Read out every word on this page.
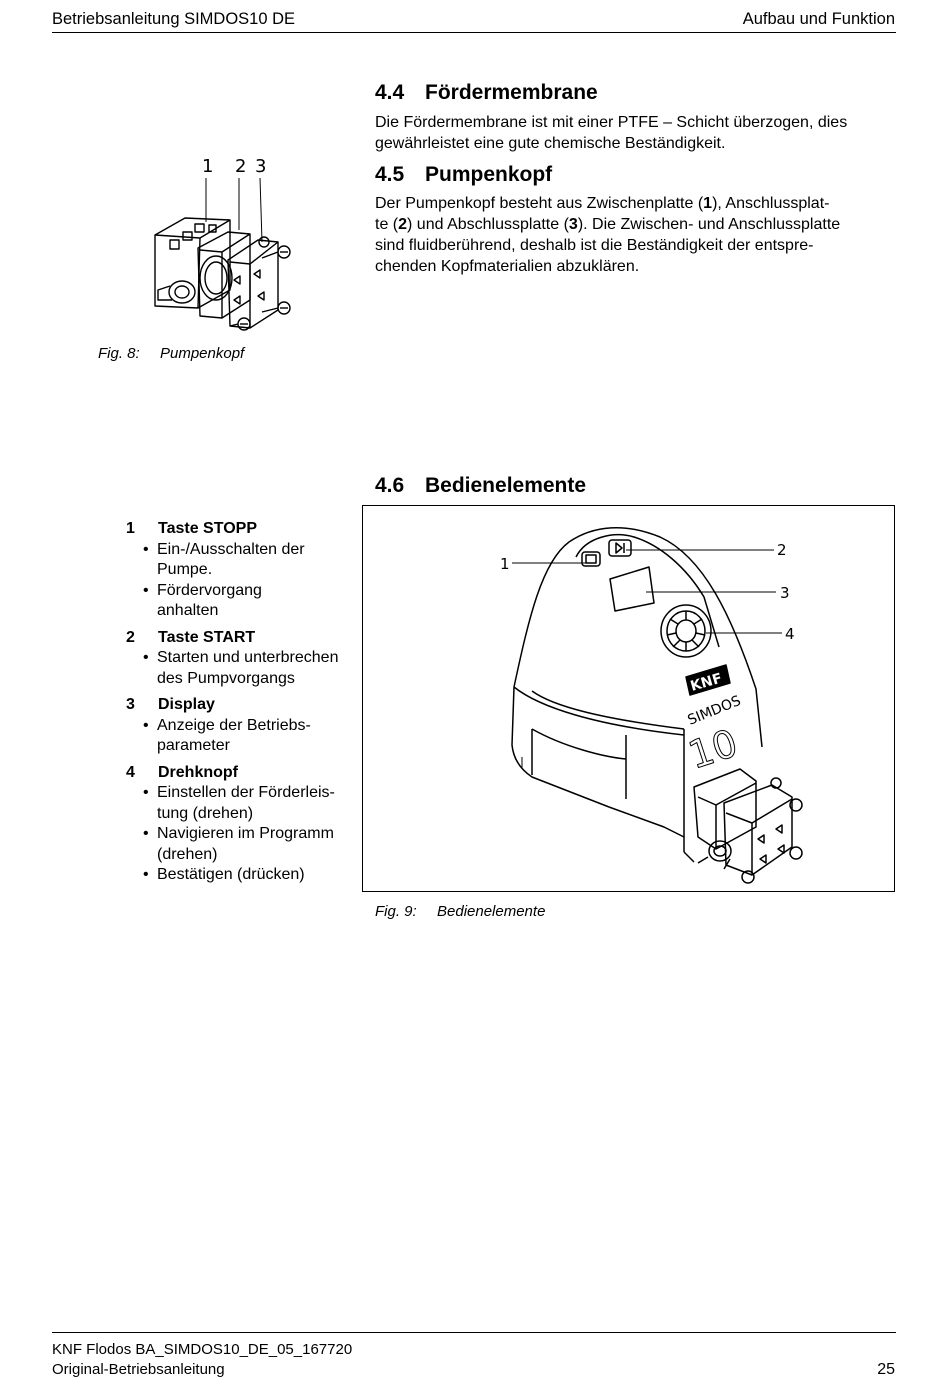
Betriebsanleitung SIMDOS10 DE	Aufbau und Funktion
4.4 Fördermembrane
Die Fördermembrane ist mit einer PTFE – Schicht überzogen, dies
gewährleistet eine gute chemische Beständigkeit.
4.5 Pumpenkopf
Der Pumpenkopf besteht aus Zwischenplatte (1), Anschlussplat-
te (2) und Abschlussplatte (3). Die Zwischen- und Anschlussplatte
sind fluidberührend, deshalb ist die Beständigkeit der entspre-
chenden Kopfmaterialien abzuklären.
1 2 3
Fig. 8: Pumpenkopf
4.6 Bedienelemente
1 Taste STOPP
• Ein-/Ausschalten der
Pumpe.
• Fördervorgang
anhalten
2 Taste START
• Starten und unterbrechen
des Pumpvorgangs
3 Display
• Anzeige der Betriebs-
parameter
4 Drehknopf
• Einstellen der Förderleis-
tung (drehen)
• Navigieren im Programm
(drehen)
• Bestätigen (drücken)
1
2
3
4
KNF
SIMDOS
10
Fig. 9: Bedienelemente
KNF Flodos BA_SIMDOS10_DE_05_167720
Original-Betriebsanleitung	25
